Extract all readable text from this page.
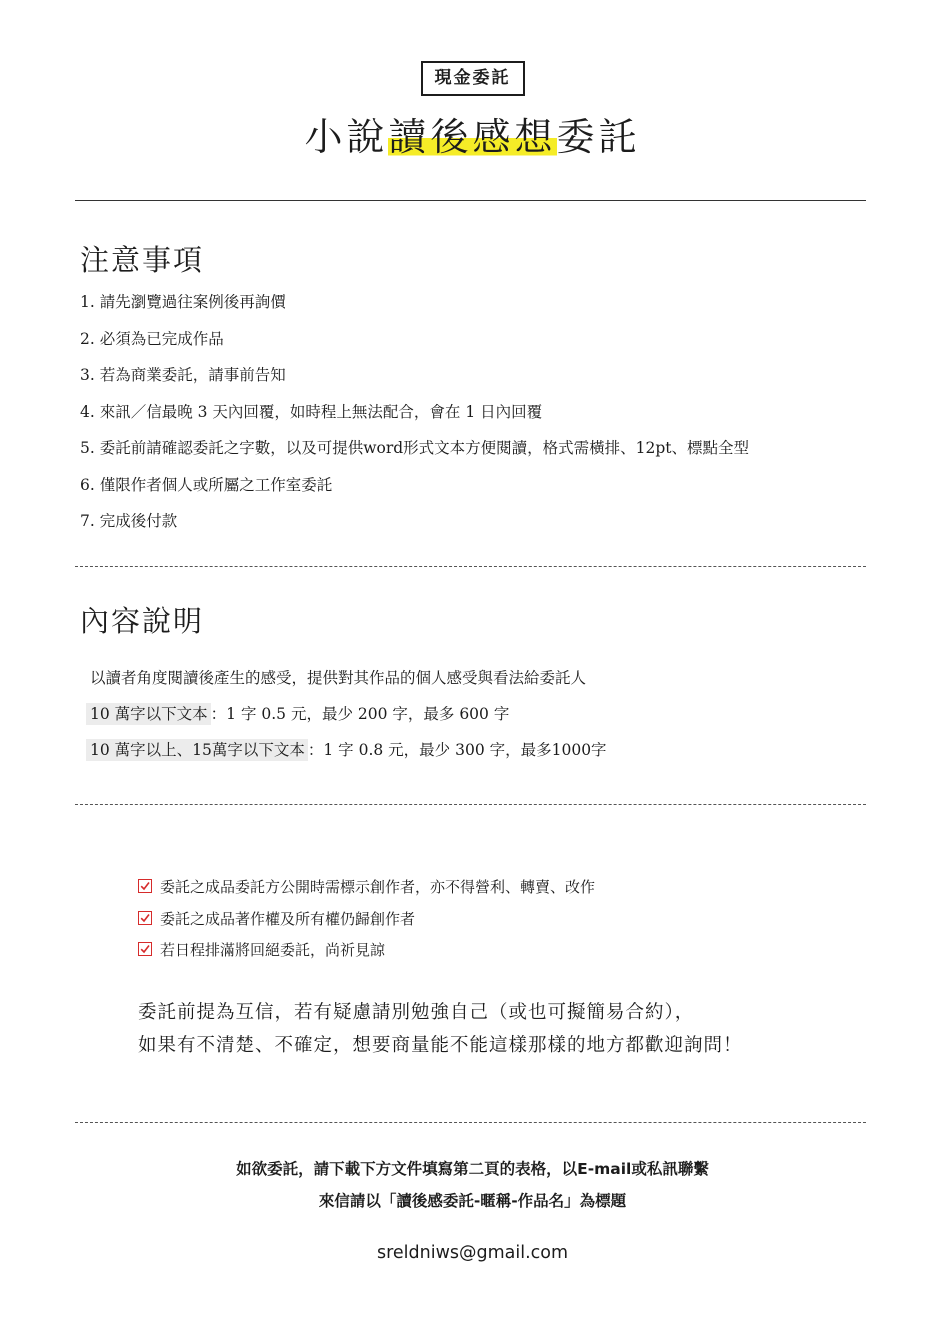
現金委託
小說讀後感想委託
注意事項
1. 請先瀏覽過往案例後再詢價
2. 必須為已完成作品
3. 若為商業委託，請事前告知
4. 來訊／信最晚 3 天內回覆，如時程上無法配合，會在 1 日內回覆
5. 委託前請確認委託之字數，以及可提供word形式文本方便閱讀，格式需橫排、12pt、標點全型
6. 僅限作者個人或所屬之工作室委託
7. 完成後付款
內容說明
以讀者角度閱讀後產生的感受，提供對其作品的個人感受與看法給委託人
10 萬字以下文本 ：1 字 0.5 元，最少 200 字，最多 600 字
10 萬字以上、15萬字以下文本 ：1 字 0.8 元，最少 300 字，最多1000字
委託之成品委託方公開時需標示創作者，亦不得營利、轉賣、改作
委託之成品著作權及所有權仍歸創作者
若日程排滿將回絕委託，尚祈見諒
委託前提為互信，若有疑慮請別勉強自己（或也可擬簡易合約），
如果有不清楚、不確定，想要商量能不能這樣那樣的地方都歡迎詢問！
如欲委託，請下載下方文件填寫第二頁的表格，以E-mail或私訊聯繫
來信請以「讀後感委託-暱稱-作品名」為標題
sreldniws@gmail.com
